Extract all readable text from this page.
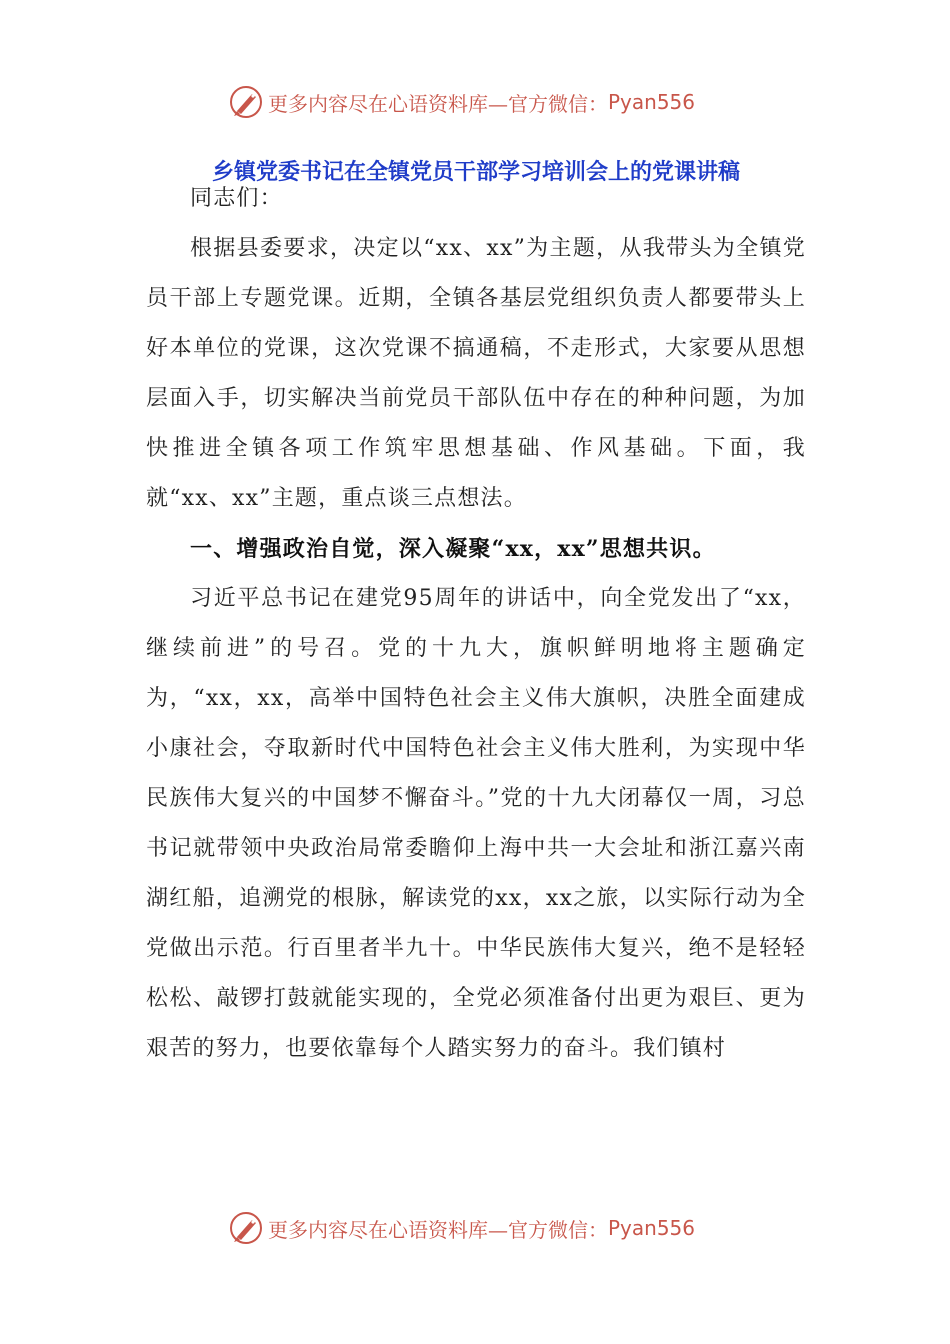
更多内容尽在心语资料库—官方微信： Pyan556
乡镇党委书记在全镇党员干部学习培训会上的党课讲稿

同志们：

根据县委要求，决定以“xx、xx”为主题，从我带头为全镇党员干部上专题党课。近期，全镇各基层党组织负责人都要带头上好本单位的党课，这次党课不搞通稿，不走形式，大家要从思想层面入手，切实解决当前党员干部队伍中存在的种种问题，为加快推进全镇各项工作筑牢思想基础、作风基础。下面，我就“xx、xx”主题，重点谈三点想法。

一、增强政治自觉，深入凝聚“xx，xx”思想共识。

习近平总书记在建党95周年的讲话中，向全党发出了“xx，继续前进”的号召。党的十九大，旗帜鲜明地将主题确定为，“xx，xx，高举中国特色社会主义伟大旗帜，决胜全面建成小康社会，夺取新时代中国特色社会主义伟大胜利，为实现中华民族伟大复兴的中国梦不懈奋斗。”党的十九大闭幕仅一周，习总书记就带领中央政治局常委瞻仰上海中共一大会址和浙江嘉兴南湖红船，追溯党的根脉，解读党的xx，xx之旅，以实际行动为全党做出示范。行百里者半九十。中华民族伟大复兴，绝不是轻轻松松、敲锣打鼓就能实现的，全党必须准备付出更为艰巨、更为艰苦的努力，也要依靠每个人踏实努力的奋斗。我们镇村

更多内容尽在心语资料库—官方微信： Pyan556
